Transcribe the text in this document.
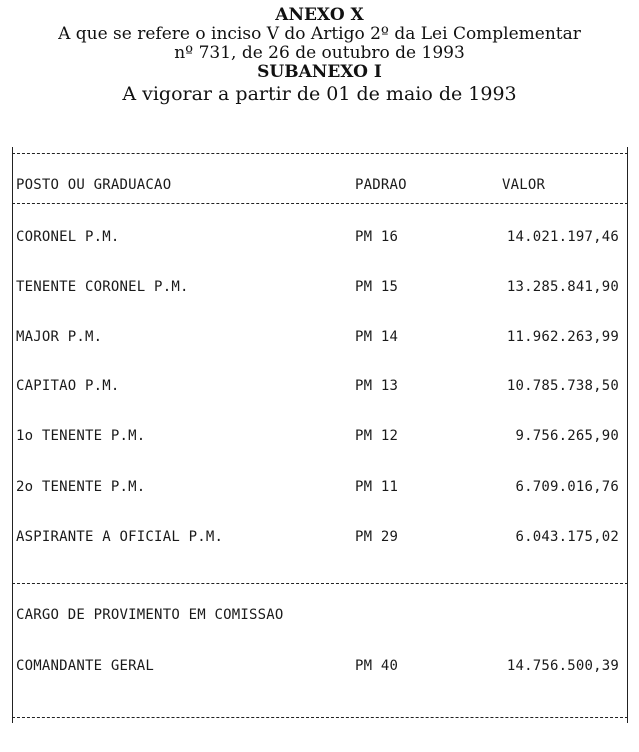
ANEXO X
A que se refere o inciso V do Artigo 2º da Lei Complementar
nº 731, de 26 de outubro de 1993
SUBANEXO I
A vigorar a partir de 01 de maio de 1993
POSTO OU GRADUACAO	PADRAO	VALOR
CORONEL P.M.	PM 16	14.021.197,46
TENENTE CORONEL P.M.	PM 15	13.285.841,90
MAJOR P.M.	PM 14	11.962.263,99
CAPITAO P.M.	PM 13	10.785.738,50
1o TENENTE P.M.	PM 12	9.756.265,90
2o TENENTE P.M.	PM 11	6.709.016,76
ASPIRANTE A OFICIAL P.M.	PM 29	6.043.175,02
CARGO DE PROVIMENTO EM COMISSAO
COMANDANTE GERAL	PM 40	14.756.500,39
